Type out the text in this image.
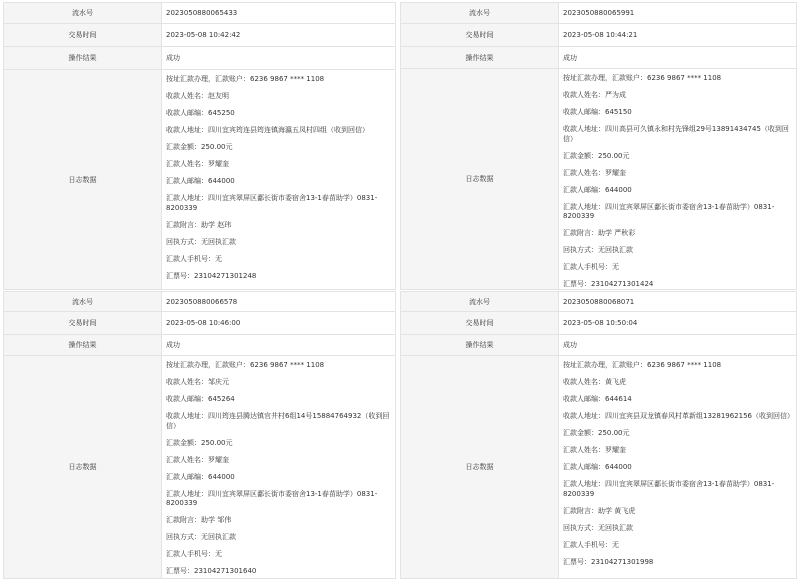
流水号	2023050880065433
交易时间	2023-05-08 10:42:42
操作结果	成功
日志数据
按址汇款办理，汇款账户：6236 9867 **** 1108
收款人姓名：赵友明
收款人邮编：645250
收款人地址：四川宜宾筠连县筠连镇海瀛五凤村四组（收到回信）
汇款金额：250.00元
汇款人姓名：罗耀奎
汇款人邮编：644000
汇款人地址：四川宜宾翠屏区鄱长街市委宿舍13-1春苗助学）0831-8200339
汇款附言：助学 赵玮
回执方式：无回执汇款
汇款人手机号：无
汇票号：23104271301248
流水号	2023050880065991
交易时间	2023-05-08 10:44:21
操作结果	成功
日志数据
按址汇款办理，汇款账户：6236 9867 **** 1108
收款人姓名：严为成
收款人邮编：645150
收款人地址：四川高县可久镇永和村先锋组29号13891434745（收到回信）
汇款金额：250.00元
汇款人姓名：罗耀奎
汇款人邮编：644000
汇款人地址：四川宜宾翠屏区鄱长街市委宿舍13-1春苗助学）0831-8200339
汇款附言：助学 严秋彩
回执方式：无回执汇款
汇款人手机号：无
汇票号：23104271301424
流水号	2023050880066578
交易时间	2023-05-08 10:46:00
操作结果	成功
日志数据
按址汇款办理，汇款账户：6236 9867 **** 1108
收款人姓名：邹庆元
收款人邮编：645264
收款人地址：四川筠连县腾达镇官井村6组14号15884764932（收到回信）
汇款金额：250.00元
汇款人姓名：罗耀奎
汇款人邮编：644000
汇款人地址：四川宜宾翠屏区鄱长街市委宿舍13-1春苗助学）0831-8200339
汇款附言：助学 邹伟
回执方式：无回执汇款
汇款人手机号：无
汇票号：23104271301640
流水号	2023050880068071
交易时间	2023-05-08 10:50:04
操作结果	成功
日志数据
按址汇款办理，汇款账户：6236 9867 **** 1108
收款人姓名：黄飞虎
收款人邮编：644614
收款人地址：四川宜宾县双龙镇春风村革新组13281962156（收到回信）
汇款金额：250.00元
汇款人姓名：罗耀奎
汇款人邮编：644000
汇款人地址：四川宜宾翠屏区鄱长街市委宿舍13-1春苗助学）0831-8200339
汇款附言：助学 黄飞虎
回执方式：无回执汇款
汇款人手机号：无
汇票号：23104271301998
